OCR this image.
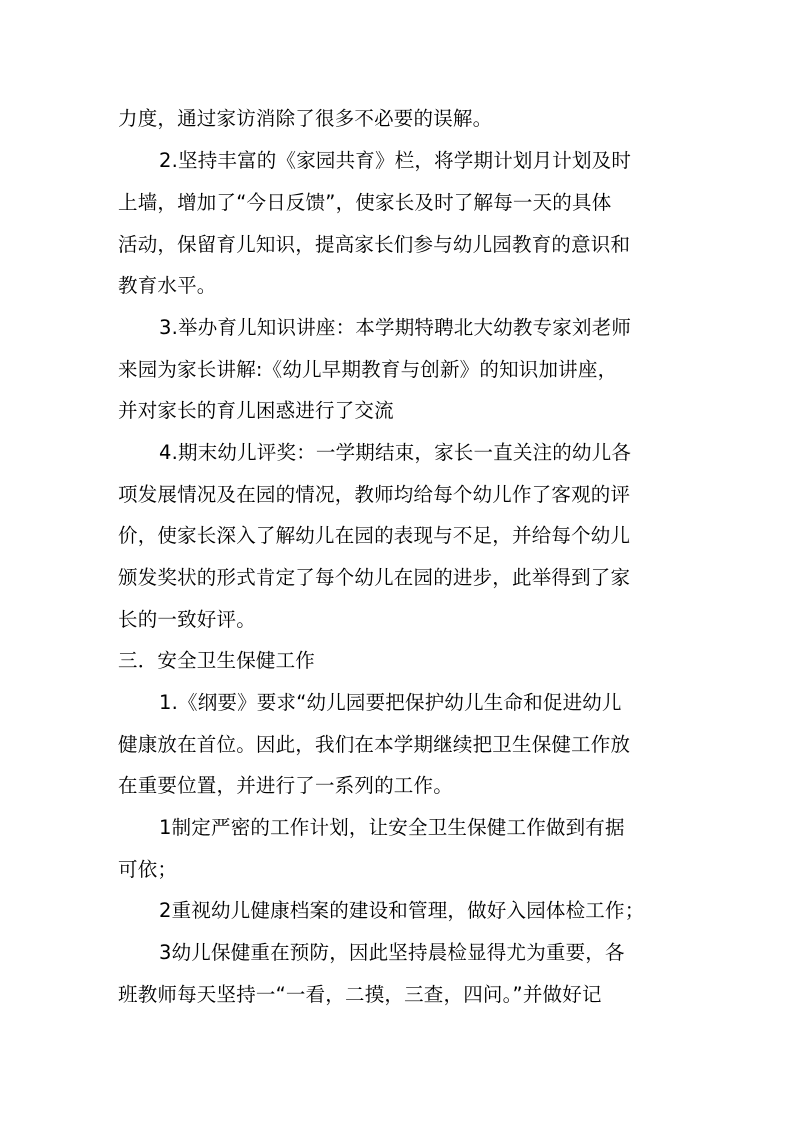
力度，通过家访消除了很多不必要的误解。
2.坚持丰富的《家园共育》栏，将学期计划月计划及时
上墙，增加了“今日反馈”，使家长及时了解每一天的具体
活动，保留育儿知识，提高家长们参与幼儿园教育的意识和
教育水平。
3.举办育儿知识讲座：本学期特聘北大幼教专家刘老师
来园为家长讲解:《幼儿早期教育与创新》的知识加讲座，
并对家长的育儿困惑进行了交流
4.期末幼儿评奖：一学期结束，家长一直关注的幼儿各
项发展情况及在园的情况，教师均给每个幼儿作了客观的评
价，使家长深入了解幼儿在园的表现与不足，并给每个幼儿
颁发奖状的形式肯定了每个幼儿在园的进步，此举得到了家
长的一致好评。
三．安全卫生保健工作
1.《纲要》要求“幼儿园要把保护幼儿生命和促进幼儿
健康放在首位。因此，我们在本学期继续把卫生保健工作放
在重要位置，并进行了一系列的工作。
1制定严密的工作计划，让安全卫生保健工作做到有据
可依；
2重视幼儿健康档案的建设和管理，做好入园体检工作；
3幼儿保健重在预防，因此坚持晨检显得尤为重要，各
班教师每天坚持一“一看，二摸，三查，四问。”并做好记
